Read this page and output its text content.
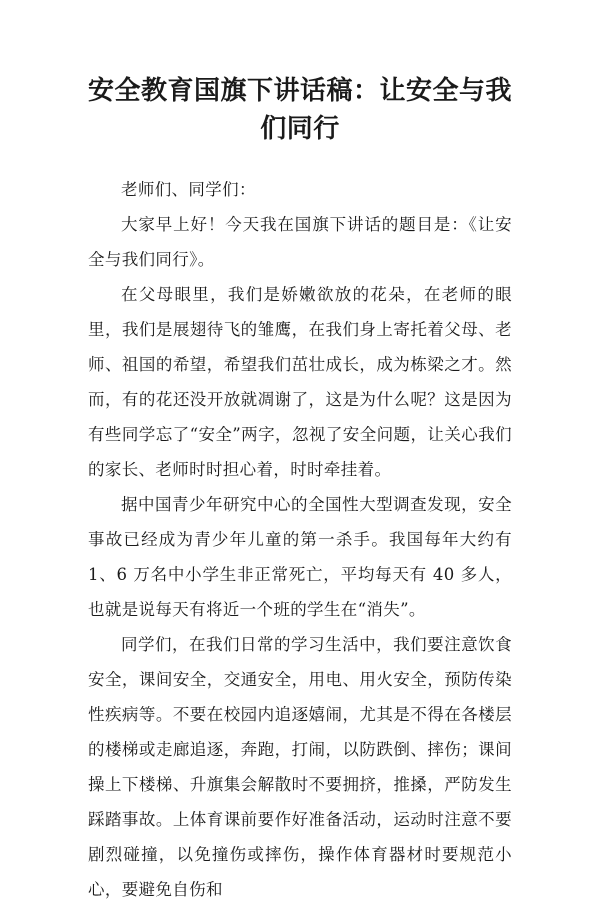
安全教育国旗下讲话稿：让安全与我们同行

老师们、同学们：

大家早上好！今天我在国旗下讲话的题目是：《让安全与我们同行》。

在父母眼里，我们是娇嫩欲放的花朵，在老师的眼里，我们是展翅待飞的雏鹰，在我们身上寄托着父母、老师、祖国的希望，希望我们茁壮成长，成为栋梁之才。然而，有的花还没开放就凋谢了，这是为什么呢？这是因为有些同学忘了“安全”两字，忽视了安全问题，让关心我们的家长、老师时时担心着，时时牵挂着。

据中国青少年研究中心的全国性大型调查发现，安全事故已经成为青少年儿童的第一杀手。我国每年大约有 1、6 万名中小学生非正常死亡，平均每天有 40 多人，也就是说每天有将近一个班的学生在“消失”。

同学们，在我们日常的学习生活中，我们要注意饮食安全，课间安全，交通安全，用电、用火安全，预防传染性疾病等。不要在校园内追逐嬉闹，尤其是不得在各楼层的楼梯或走廊追逐，奔跑，打闹，以防跌倒、摔伤；课间操上下楼梯、升旗集会解散时不要拥挤，推搡，严防发生踩踏事故。上体育课前要作好准备活动，运动时注意不要剧烈碰撞，以免撞伤或摔伤，操作体育器材时要规范小心，要避免自伤和
